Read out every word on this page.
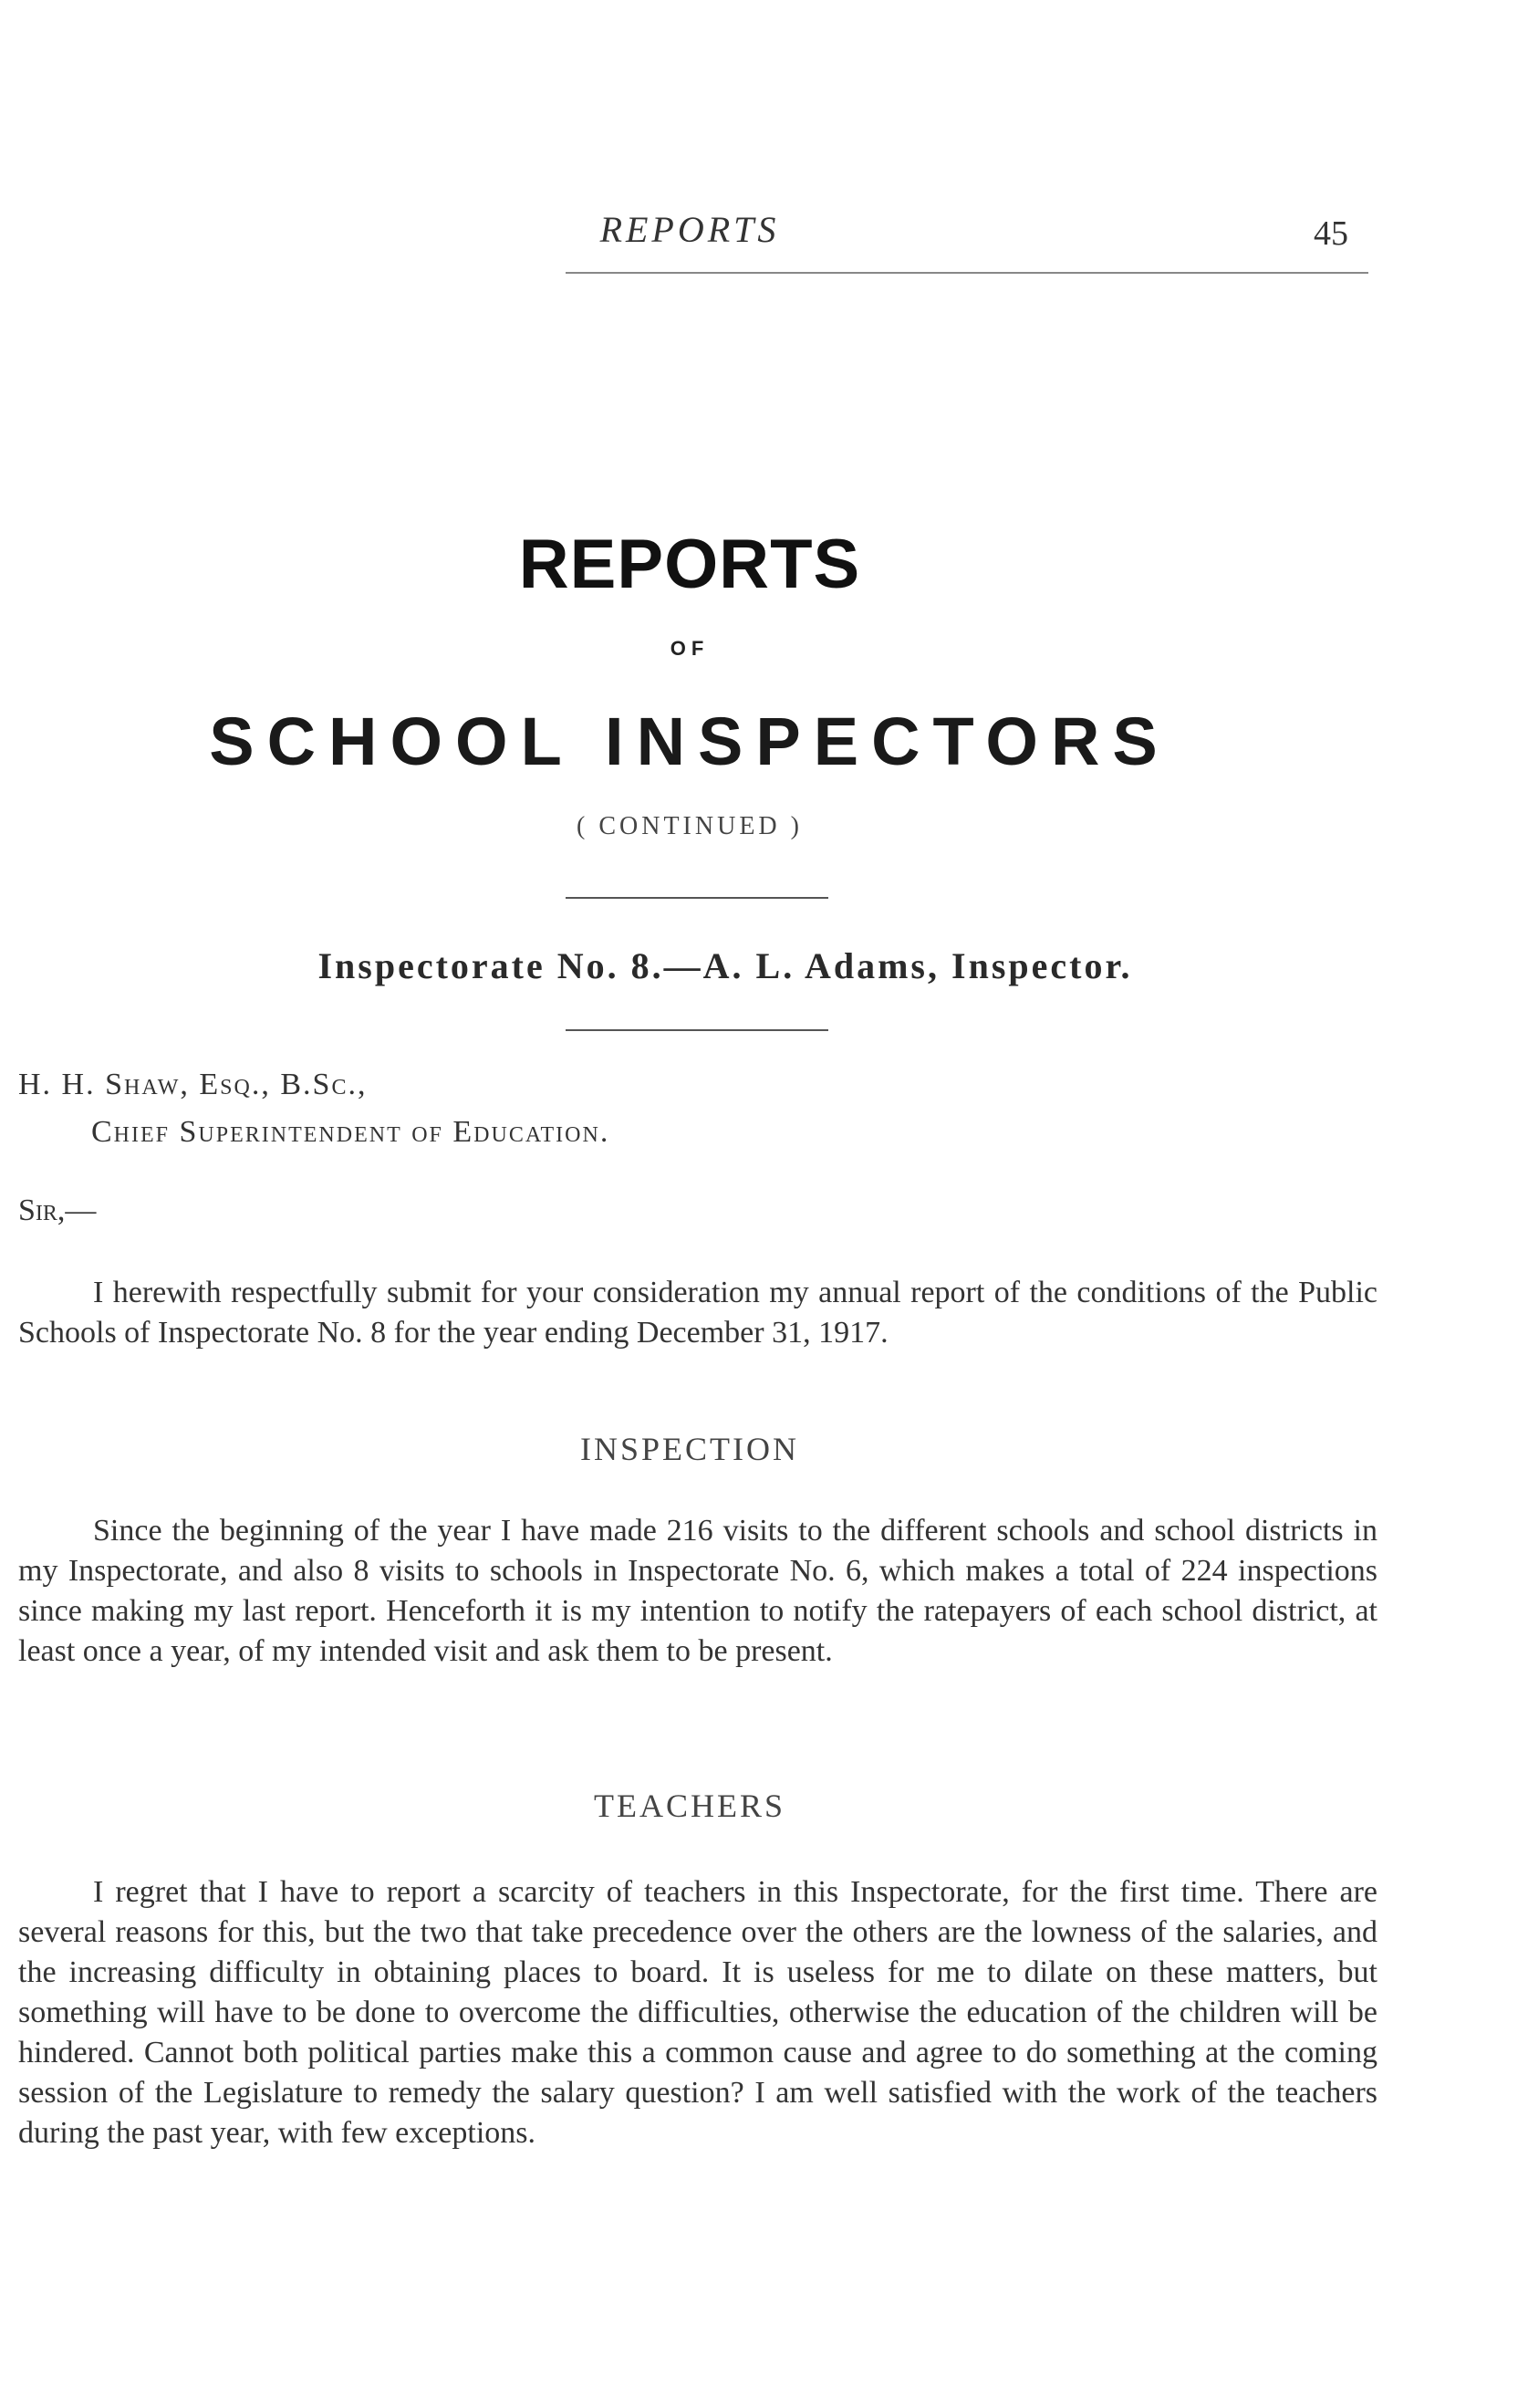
REPORTS	45
REPORTS
OF
SCHOOL INSPECTORS
( CONTINUED )
Inspectorate No. 8.—A. L. Adams, Inspector.
H. H. Shaw, Esq., B.Sc.,
Chief Superintendent of Education.
Sir,—
I herewith respectfully submit for your consideration my annual report of the conditions of the Public Schools of Inspectorate No. 8 for the year ending December 31, 1917.
INSPECTION
Since the beginning of the year I have made 216 visits to the different schools and school districts in my Inspectorate, and also 8 visits to schools in Inspectorate No. 6, which makes a total of 224 inspections since making my last report. Henceforth it is my intention to notify the ratepayers of each school district, at least once a year, of my intended visit and ask them to be present.
TEACHERS
I regret that I have to report a scarcity of teachers in this Inspectorate, for the first time. There are several reasons for this, but the two that take precedence over the others are the lowness of the salaries, and the increasing difficulty in obtaining places to board. It is useless for me to dilate on these matters, but something will have to be done to overcome the difficulties, otherwise the education of the children will be hindered. Cannot both political parties make this a common cause and agree to do something at the coming session of the Legislature to remedy the salary question? I am well satisfied with the work of the teachers during the past year, with few exceptions.
